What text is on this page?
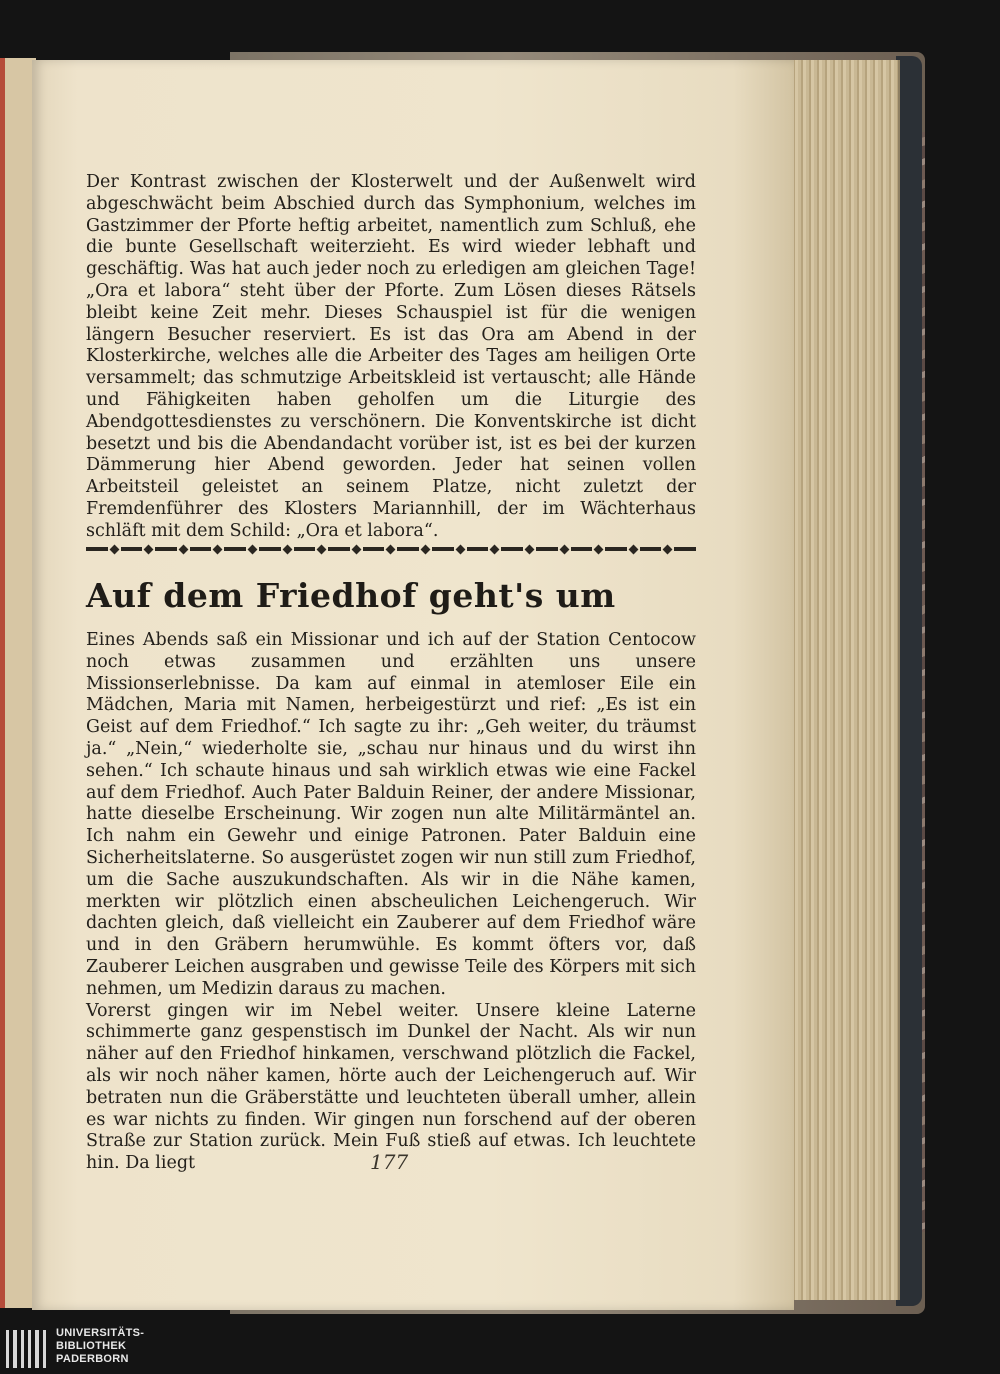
Der Kontrast zwischen der Klosterwelt und der Außenwelt wird abgeschwächt beim Abschied durch das Symphonium, welches im Gastzimmer der Pforte heftig arbeitet, namentlich zum Schluß, ehe die bunte Gesellschaft weiterzieht. Es wird wieder lebhaft und geschäftig. Was hat auch jeder noch zu erledigen am gleichen Tage! „Ora et labora“ steht über der Pforte. Zum Lösen dieses Rätsels bleibt keine Zeit mehr. Dieses Schauspiel ist für die wenigen längern Besucher reserviert. Es ist das Ora am Abend in der Klosterkirche, welches alle die Arbeiter des Tages am heiligen Orte versammelt; das schmutzige Arbeitskleid ist vertauscht; alle Hände und Fähigkeiten haben geholfen um die Liturgie des Abendgottesdienstes zu verschönern. Die Konventskirche ist dicht besetzt und bis die Abendandacht vorüber ist, ist es bei der kurzen Dämmerung hier Abend geworden. Jeder hat seinen vollen Arbeitsteil geleistet an seinem Platze, nicht zuletzt der Fremdenführer des Klosters Mariannhill, der im Wächterhaus schläft mit dem Schild: „Ora et labora“.

Auf dem Friedhof geht's um
Eines Abends saß ein Missionar und ich auf der Station Centocow noch etwas zusammen und erzählten uns unsere Missionserlebnisse. Da kam auf einmal in atemloser Eile ein Mädchen, Maria mit Namen, herbeigestürzt und rief: „Es ist ein Geist auf dem Friedhof.“ Ich sagte zu ihr: „Geh weiter, du träumst ja.“ „Nein,“ wiederholte sie, „schau nur hinaus und du wirst ihn sehen.“ Ich schaute hinaus und sah wirklich etwas wie eine Fackel auf dem Friedhof. Auch Pater Balduin Reiner, der andere Missionar, hatte dieselbe Erscheinung. Wir zogen nun alte Militärmäntel an. Ich nahm ein Gewehr und einige Patronen. Pater Balduin eine Sicherheitslaterne. So ausgerüstet zogen wir nun still zum Friedhof, um die Sache auszukundschaften. Als wir in die Nähe kamen, merkten wir plötzlich einen abscheulichen Leichengeruch. Wir dachten gleich, daß vielleicht ein Zauberer auf dem Friedhof wäre und in den Gräbern herumwühle. Es kommt öfters vor, daß Zauberer Leichen ausgraben und gewisse Teile des Körpers mit sich nehmen, um Medizin daraus zu machen.
Vorerst gingen wir im Nebel weiter. Unsere kleine Laterne schimmerte ganz gespenstisch im Dunkel der Nacht. Als wir nun näher auf den Friedhof hinkamen, verschwand plötzlich die Fackel, als wir noch näher kamen, hörte auch der Leichengeruch auf. Wir betraten nun die Gräberstätte und leuchteten überall umher, allein es war nichts zu finden. Wir gingen nun forschend auf der oberen Straße zur Station zurück. Mein Fuß stieß auf etwas. Ich leuchtete hin. Da liegt	177
UNIVERSITÄTS-
BIBLIOTHEK
PADERBORN
